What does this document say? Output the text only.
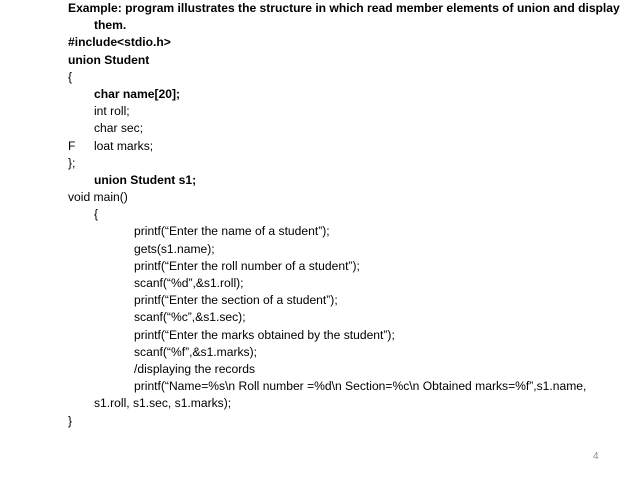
Example: program illustrates the structure in which read member elements of union and display
them.
#include<stdio.h>
union Student
{
char name[20];
int roll;
char sec;
F loat marks;
};
union Student s1;
void main()
{
printf(“Enter the name of a student”);
gets(s1.name);
printf(“Enter the roll number of a student”);
scanf(“%d”,&s1.roll);
printf(“Enter the section of a student”);
scanf(“%c”,&s1.sec);
printf(“Enter the marks obtained by the student”);
scanf(“%f”,&s1.marks);
/displaying the records
printf(“Name=%s\n Roll number =%d\n Section=%c\n Obtained marks=%f”,s1.name,
s1.roll, s1.sec, s1.marks);
}
4
